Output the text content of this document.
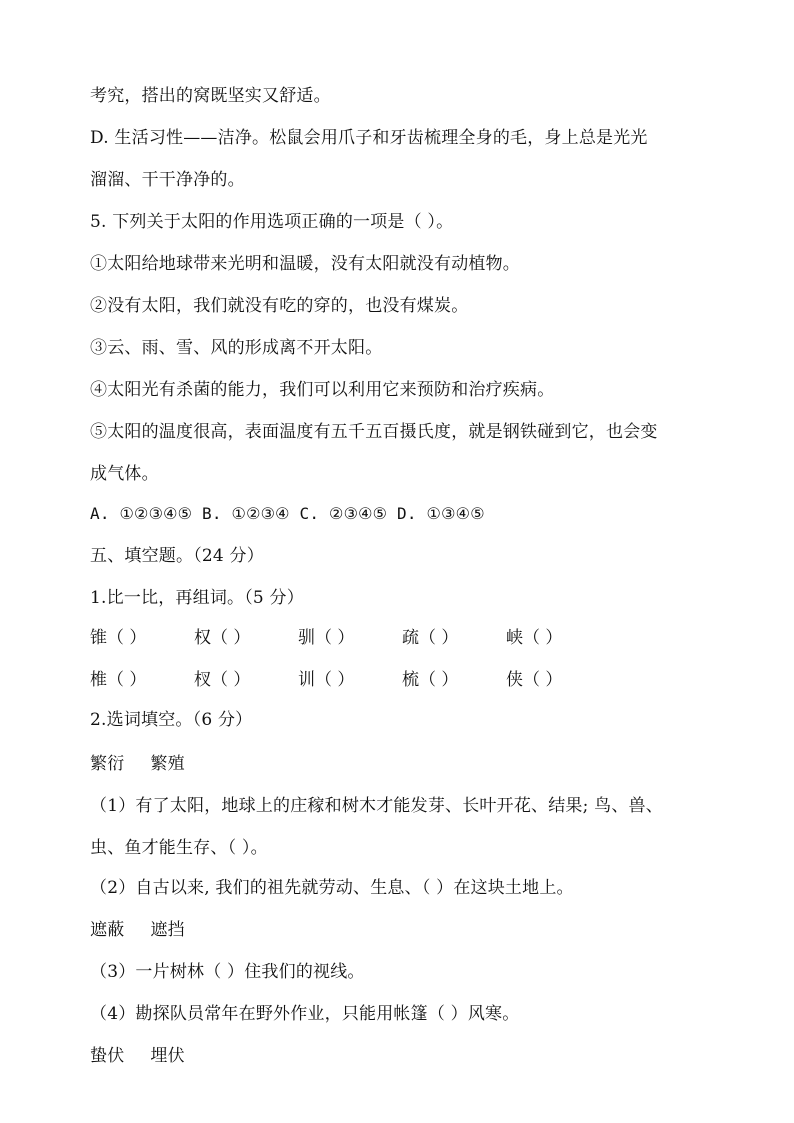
考究，搭出的窝既坚实又舒适。
D. 生活习性——洁净。松鼠会用爪子和牙齿梳理全身的毛，身上总是光光
溜溜、干干净净的。
5. 下列关于太阳的作用选项正确的一项是（ ）。
①太阳给地球带来光明和温暖，没有太阳就没有动植物。
②没有太阳，我们就没有吃的穿的，也没有煤炭。
③云、雨、雪、风的形成离不开太阳。
④太阳光有杀菌的能力，我们可以利用它来预防和治疗疾病。
⑤太阳的温度很高，表面温度有五千五百摄氏度，就是钢铁碰到它，也会变
成气体。
A. ①②③④⑤ B. ①②③④ C. ②③④⑤ D. ①③④⑤
五、填空题。（24 分）
1.比一比，再组词。（5 分）
锥（ ）	权（ ）	驯（ ）	疏（ ）	峡（ ）
椎（ ）	杈（ ）	训（ ）	梳（ ）	侠（ ）
2.选词填空。（6 分）
繁衍 繁殖
（1）有了太阳，地球上的庄稼和树木才能发芽、长叶开花、结果; 鸟、兽、
虫、鱼才能生存、（ ）。
（2）自古以来, 我们的祖先就劳动、生息、（ ）在这块土地上。
遮蔽 遮挡
（3）一片树林（ ）住我们的视线。
（4）勘探队员常年在野外作业，只能用帐篷（ ）风寒。
蛰伏 埋伏
